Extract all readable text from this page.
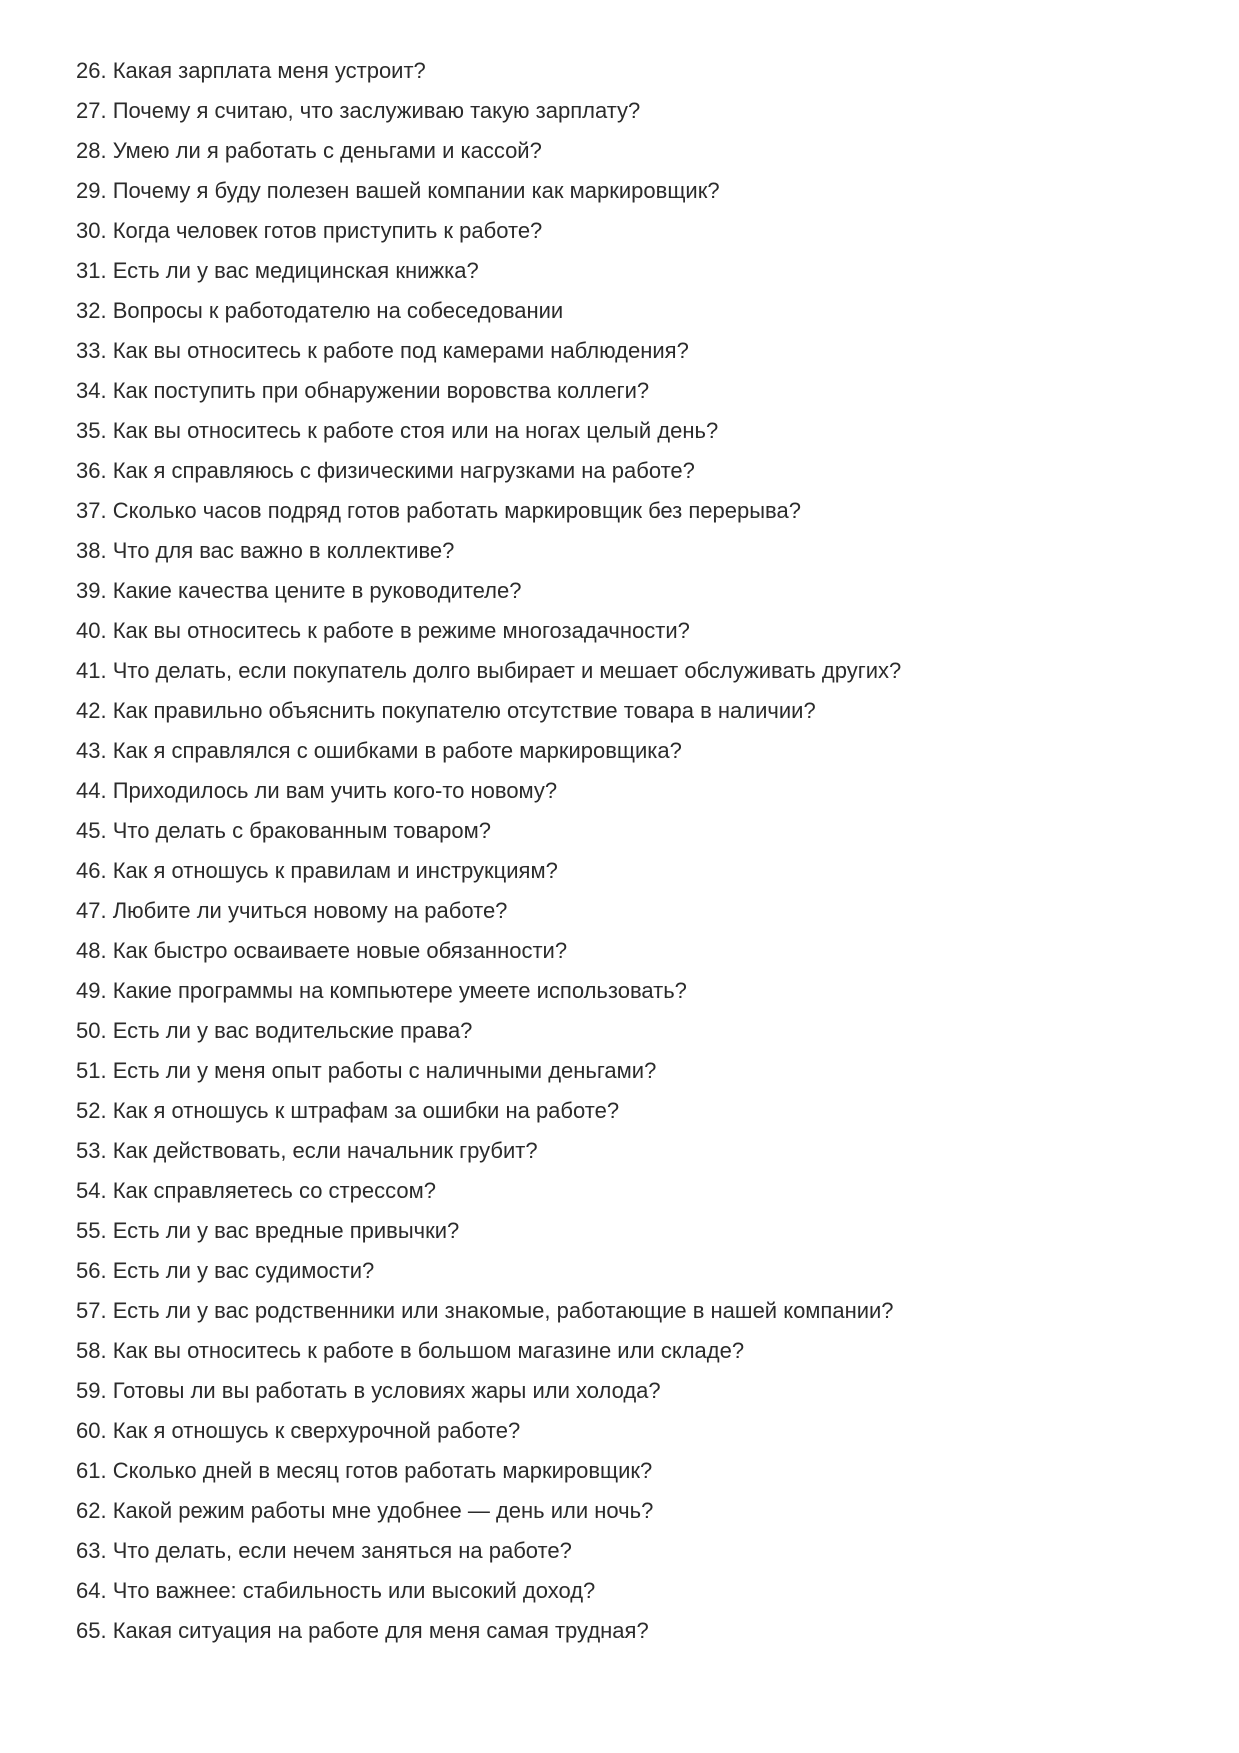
26. Какая зарплата меня устроит?
27. Почему я считаю, что заслуживаю такую зарплату?
28. Умею ли я работать с деньгами и кассой?
29. Почему я буду полезен вашей компании как маркировщик?
30. Когда человек готов приступить к работе?
31. Есть ли у вас медицинская книжка?
32. Вопросы к работодателю на собеседовании
33. Как вы относитесь к работе под камерами наблюдения?
34. Как поступить при обнаружении воровства коллеги?
35. Как вы относитесь к работе стоя или на ногах целый день?
36. Как я справляюсь с физическими нагрузками на работе?
37. Сколько часов подряд готов работать маркировщик без перерыва?
38. Что для вас важно в коллективе?
39. Какие качества цените в руководителе?
40. Как вы относитесь к работе в режиме многозадачности?
41. Что делать, если покупатель долго выбирает и мешает обслуживать других?
42. Как правильно объяснить покупателю отсутствие товара в наличии?
43. Как я справлялся с ошибками в работе маркировщика?
44. Приходилось ли вам учить кого-то новому?
45. Что делать с бракованным товаром?
46. Как я отношусь к правилам и инструкциям?
47. Любите ли учиться новому на работе?
48. Как быстро осваиваете новые обязанности?
49. Какие программы на компьютере умеете использовать?
50. Есть ли у вас водительские права?
51. Есть ли у меня опыт работы с наличными деньгами?
52. Как я отношусь к штрафам за ошибки на работе?
53. Как действовать, если начальник грубит?
54. Как справляетесь со стрессом?
55. Есть ли у вас вредные привычки?
56. Есть ли у вас судимости?
57. Есть ли у вас родственники или знакомые, работающие в нашей компании?
58. Как вы относитесь к работе в большом магазине или складе?
59. Готовы ли вы работать в условиях жары или холода?
60. Как я отношусь к сверхурочной работе?
61. Сколько дней в месяц готов работать маркировщик?
62. Какой режим работы мне удобнее — день или ночь?
63. Что делать, если нечем заняться на работе?
64. Что важнее: стабильность или высокий доход?
65. Какая ситуация на работе для меня самая трудная?
